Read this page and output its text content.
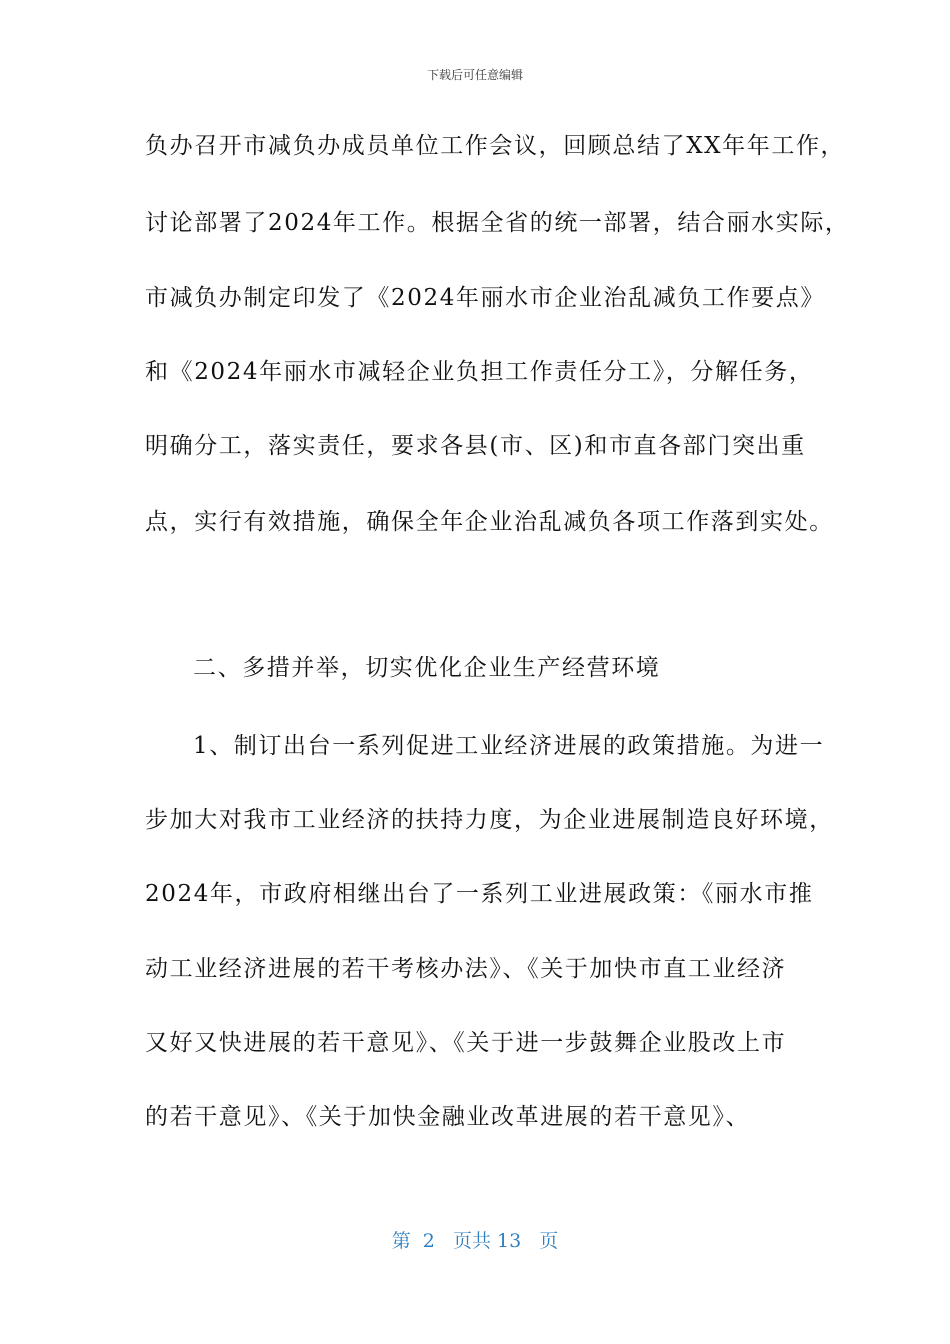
下载后可任意编辑
负办召开市减负办成员单位工作会议，回顾总结了XX年年工作，
讨论部署了2024年工作。根据全省的统一部署，结合丽水实际，
市减负办制定印发了《2024年丽水市企业治乱减负工作要点》
和《2024年丽水市减轻企业负担工作责任分工》，分解任务，
明确分工，落实责任，要求各县(市、区)和市直各部门突出重
点，实行有效措施，确保全年企业治乱减负各项工作落到实处。
二、多措并举，切实优化企业生产经营环境
1、制订出台一系列促进工业经济进展的政策措施。为进一
步加大对我市工业经济的扶持力度，为企业进展制造良好环境，
2024年，市政府相继出台了一系列工业进展政策：《丽水市推
动工业经济进展的若干考核办法》、《关于加快市直工业经济
又好又快进展的若干意见》、《关于进一步鼓舞企业股改上市
的若干意见》、《关于加快金融业改革进展的若干意见》、
第  2   页共 13   页
